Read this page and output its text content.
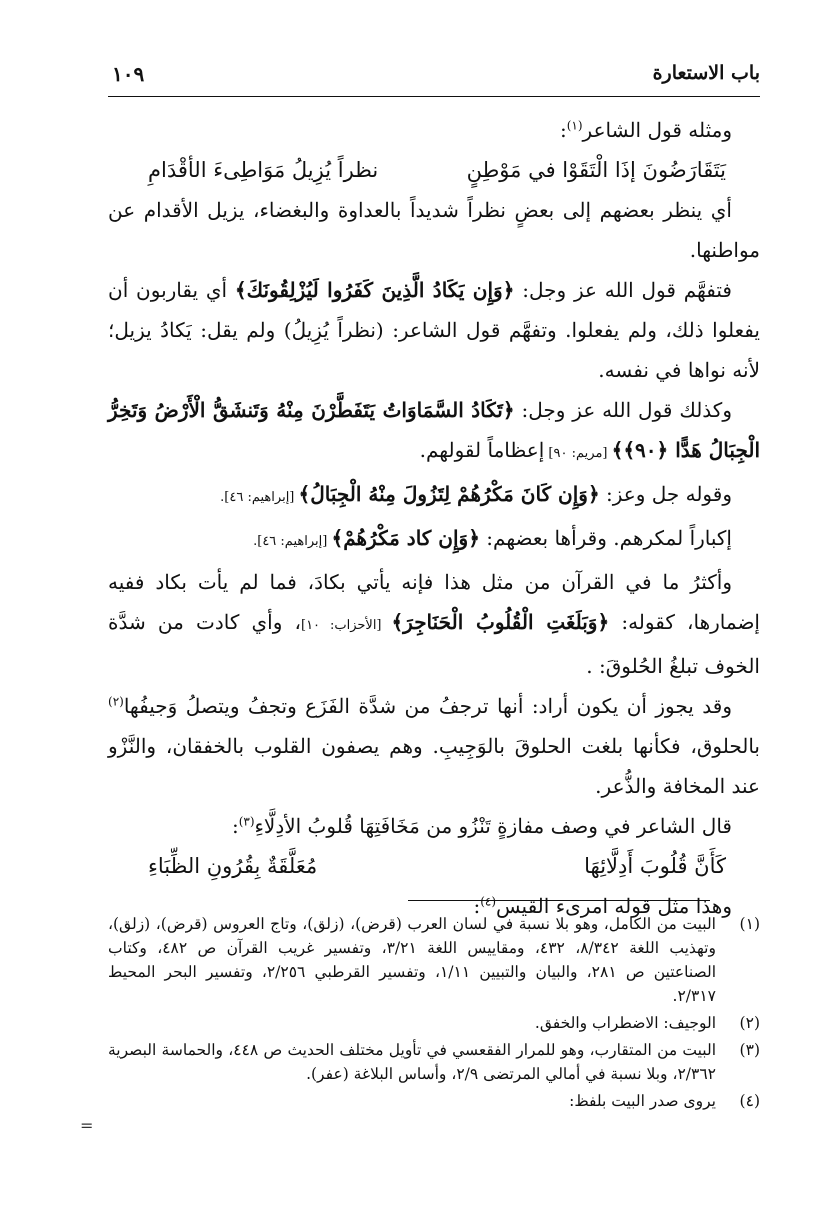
باب الاستعارة
١٠٩

ومثله قول الشاعر$^{(١)}$:

يَتَقَارَضُونَ إذَا الْتَقَوْا في مَوْطِنٍ
نظراً يُزِيلُ مَوَاطِىءَ الأقْدَامِ

أي ينظر بعضهم إلى بعضٍ نظراً شديداً بالعداوة والبغضاء، يزيل الأقدام عن مواطنها.

فتفهَّم قول الله عز وجل: ﴿وَإِن يَكَادُ الَّذِينَ كَفَرُوا لَيُزْلِقُونَكَ﴾ أي يقاربون أن يفعلوا ذلك، ولم يفعلوا. وتفهَّم قول الشاعر: (نظراً يُزِيلُ) ولم يقل: يَكادُ يزيل؛ لأنه نواها في نفسه.

وكذلك قول الله عز وجل: ﴿تَكَادُ السَّمَاوَاتُ يَتَفَطَّرْنَ مِنْهُ وَتَنشَقُّ الْأَرْضُ وَتَخِرُّ الْجِبَالُ هَدًّا ﴿٩٠﴾﴾ [مريم: ٩٠] إعظاماً لقولهم.

وقوله جل وعز: ﴿وَإِن كَانَ مَكْرُهُمْ لِتَزُولَ مِنْهُ الْجِبَالُ﴾ [إبراهيم: ٤٦].

إكباراً لمكرهم. وقرأها بعضهم: ﴿وَإِن كاد مَكْرُهُمْ﴾ [إبراهيم: ٤٦].

وأكثرُ ما في القرآن من مثل هذا فإنه يأتي بكادَ، فما لم يأت بكاد ففيه إضمارها، كقوله: ﴿وَبَلَغَتِ الْقُلُوبُ الْحَنَاجِرَ﴾ [الأحزاب: ١٠]، وأي كادت من شدَّة الخوف تبلغُ الحُلوقَ: .

وقد يجوز أن يكون أراد: أنها ترجفُ من شدَّة الفَزَع وتجفُ ويتصلُ وَجيفُها$^{(٢)}$ بالحلوق، فكأنها بلغت الحلوقَ بالوَجِيبِ. وهم يصفون القلوب بالخفقان، والنَّزْو عند المخافة والذُّعر.

قال الشاعر في وصف مفازةٍ تَنْزُو من مَخَافَتِهَا قُلوبُ الأدِلَّاءِ$^{(٣)}$:

كَأَنَّ قُلُوبَ أَدِلَّائِهَا
مُعَلَّقَةٌ بِقُرُونِ الظِّبَاءِ

وهذا مثل قوله امرىء القيس$^{(٤)}$:

(١)
البيت من الكامل، وهو بلا نسبة في لسان العرب (قرض)، (زلق)، وتاج العروس (قرض)، (زلق)، وتهذيب اللغة ٨/٣٤٢، ٤٣٢، ومقاييس اللغة ٣/٢١، وتفسير غريب القرآن ص ٤٨٢، وكتاب الصناعتين ص ٢٨١، والبيان والتبيين ١/١١، وتفسير القرطبي ٢/٢٥٦، وتفسير البحر المحيط ٢/٣١٧.
(٢)
الوجيف: الاضطراب والخفق.
(٣)
البيت من المتقارب، وهو للمرار الفقعسي في تأويل مختلف الحديث ص ٤٤٨، والحماسة البصرية ٢/٣٦٢، وبلا نسبة في أمالي المرتضى ٢/٩، وأساس البلاغة (عفر).
(٤)
يروى صدر البيت بلفظ:
=
